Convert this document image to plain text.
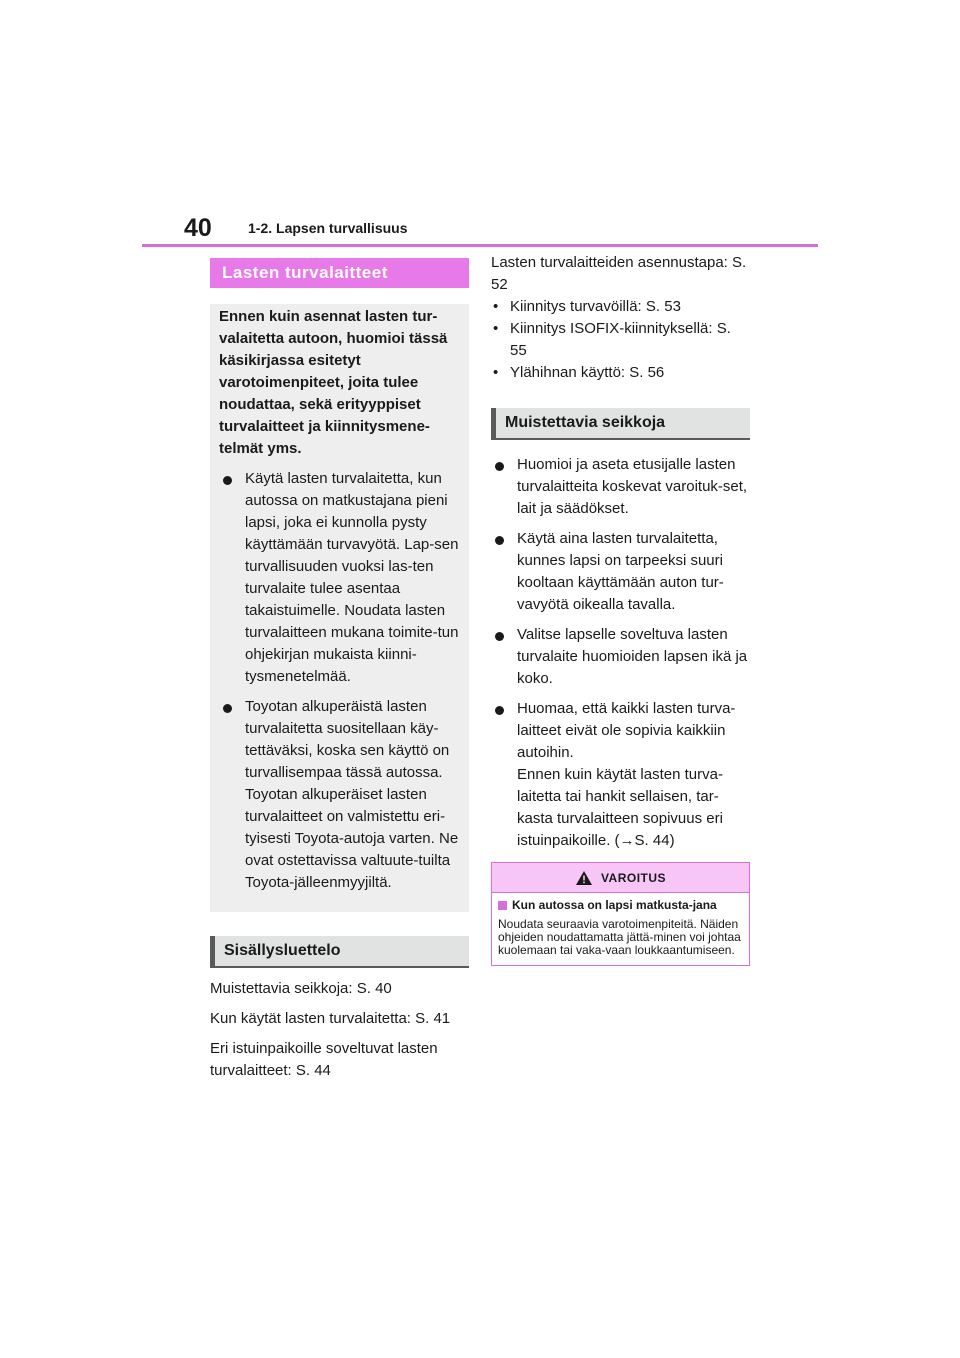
40	1-2. Lapsen turvallisuus
Lasten turvalaitteet

Ennen kuin asennat lasten tur-valaitetta autoon, huomioi tässä käsikirjassa esitetyt varotoimenpiteet, joita tulee noudattaa, sekä erityyppiset turvalaitteet ja kiinnitysmene-telmät yms.

Käytä lasten turvalaitetta, kun autossa on matkustajana pieni lapsi, joka ei kunnolla pysty käyttämään turvavyötä. Lap-sen turvallisuuden vuoksi las-ten turvalaite tulee asentaa takaistuimelle. Noudata lasten turvalaitteen mukana toimite-tun ohjekirjan mukaista kiinni-tysmenetelmää.
Toyotan alkuperäistä lasten turvalaitetta suositellaan käy-tettäväksi, koska sen käyttö on turvallisempaa tässä autossa. Toyotan alkuperäiset lasten turvalaitteet on valmistettu eri-tyisesti Toyota-autoja varten. Ne ovat ostettavissa valtuute-tuilta Toyota-jälleenmyyjiltä.
Sisällysluettelo

Muistettavia seikkoja: S. 40

Kun käytät lasten turvalaitetta: S. 41

Eri istuinpaikoille soveltuvat lasten turvalaitteet: S. 44

Lasten turvalaitteiden asennustapa: S. 52

• Kiinnitys turvavöillä: S. 53
• Kiinnitys ISOFIX-kiinnityksellä: S. 55
• Ylähihnan käyttö: S. 56
Muistettavia seikkoja
Huomioi ja aseta etusijalle lasten turvalaitteita koskevat varoituk-set, lait ja säädökset.
Käytä aina lasten turvalaitetta, kunnes lapsi on tarpeeksi suuri kooltaan käyttämään auton tur-vavyötä oikealla tavalla.
Valitse lapselle soveltuva lasten turvalaite huomioiden lapsen ikä ja koko.
Huomaa, että kaikki lasten turva-laitteet eivät ole sopivia kaikkiin autoihin.
Ennen kuin käytät lasten turva-laitetta tai hankit sellaisen, tar-kasta turvalaitteen sopivuus eri istuinpaikoille. (→S. 44)
VAROITUS
Kun autossa on lapsi matkusta-jana
Noudata seuraavia varotoimenpiteitä. Näiden ohjeiden noudattamatta jättä-minen voi johtaa kuolemaan tai vaka-vaan loukkaantumiseen.
